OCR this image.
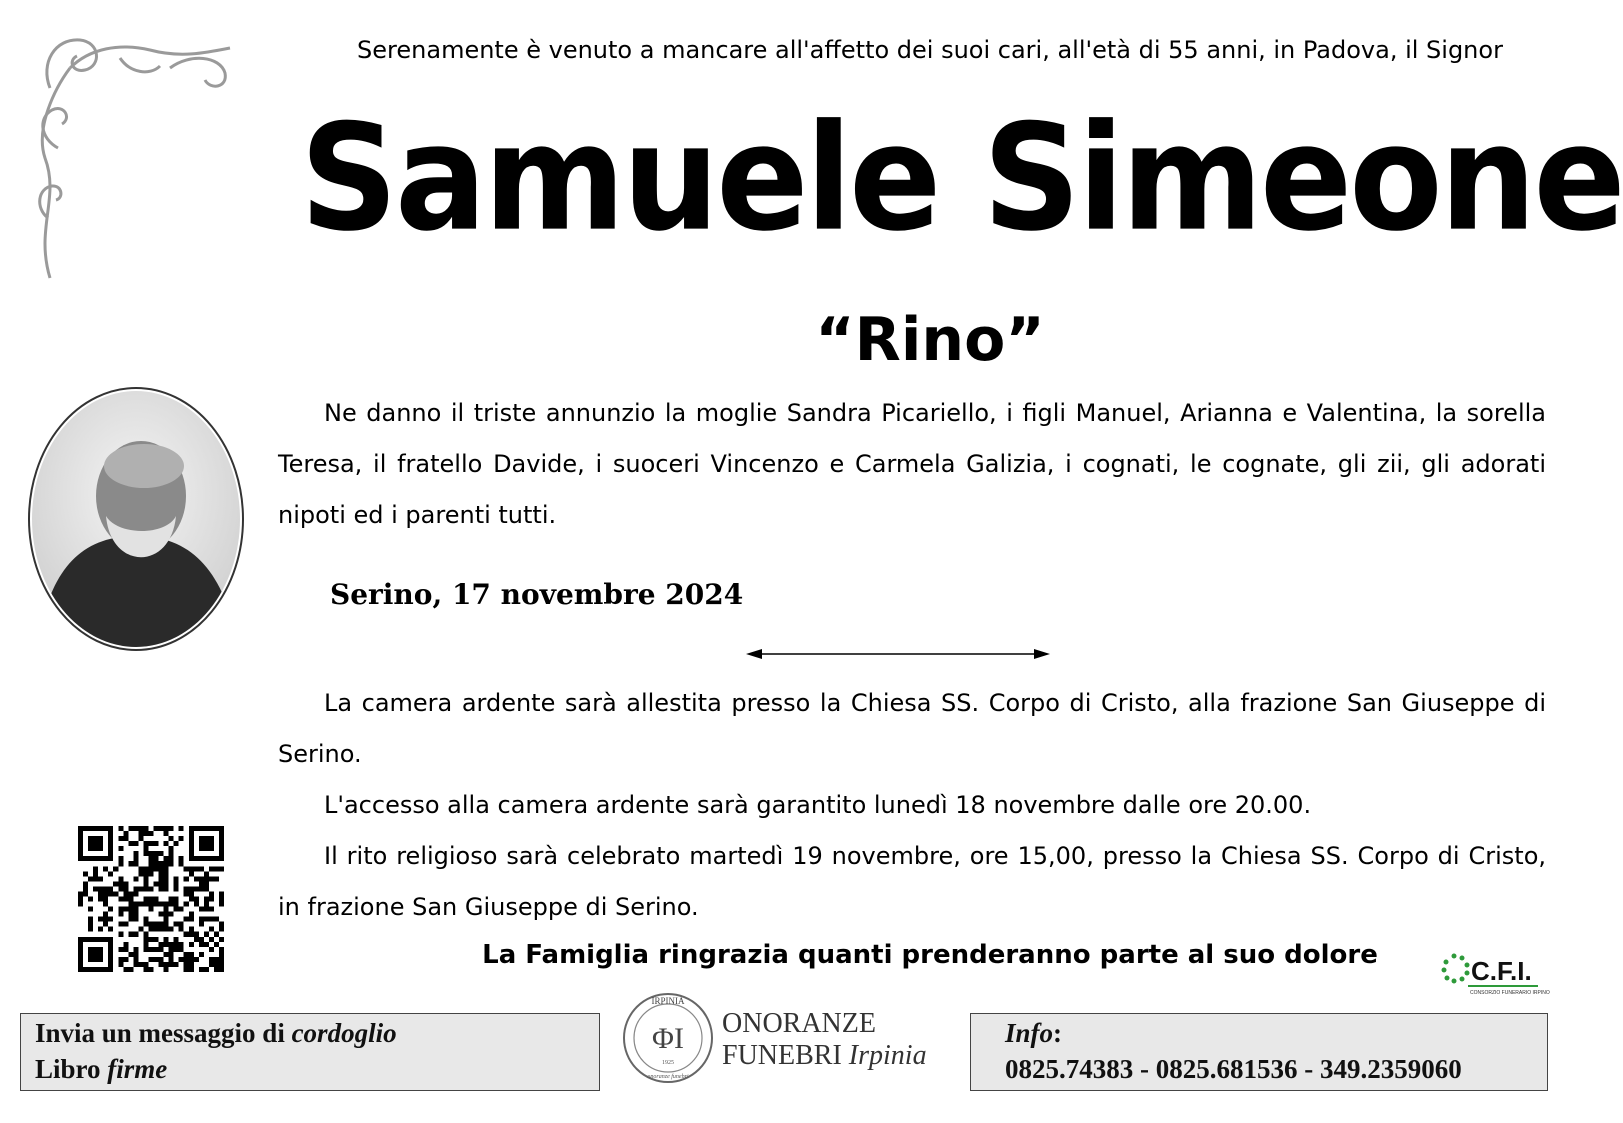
Serenamente è venuto a mancare all'affetto dei suoi cari, all'età di 55 anni, in Padova, il Signor
Samuele Simeone
“Rino”
Ne danno il triste annunzio la moglie Sandra Picariello, i figli Manuel, Arianna e Valentina, la sorella Teresa, il fratello Davide, i suoceri Vincenzo e Carmela Galizia, i cognati, le cognate, gli zii, gli adorati nipoti ed i parenti tutti.
Serino, 17 novembre 2024
La camera ardente sarà allestita presso la Chiesa SS. Corpo di Cristo, alla frazione San Giuseppe di Serino.
L'accesso alla camera ardente sarà garantito lunedì 18 novembre dalle ore 20.00.
Il rito religioso sarà celebrato martedì 19 novembre, ore 15,00, presso la Chiesa SS. Corpo di Cristo, in frazione San Giuseppe di Serino.
La Famiglia ringrazia quanti prenderanno parte al suo dolore
C.F.I.
CONSORZIO FUNERARIO IRPINO
Invia un messaggio di cordoglio
Libro firme
IRPINIA
ΦΙ
1925
onoranze funebri
ONORANZE
FUNEBRI Irpinia
Info:
0825.74383 - 0825.681536 - 349.2359060
